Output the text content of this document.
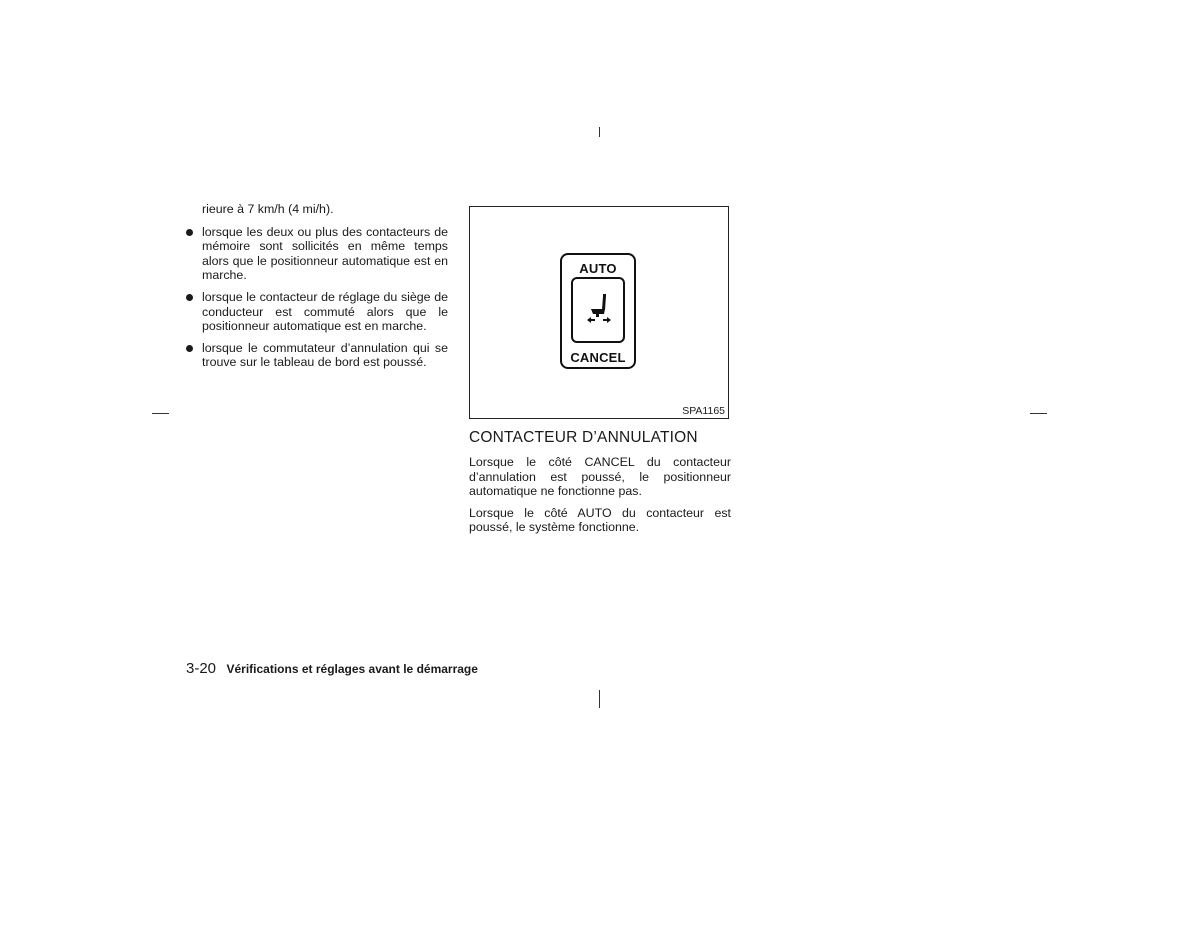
rieure à 7 km/h (4 mi/h).

lorsque les deux ou plus des contacteurs de mémoire sont sollicités en même temps alors que le positionneur automatique est en marche.
lorsque le contacteur de réglage du siège de conducteur est commuté alors que le positionneur automatique est en marche.
lorsque le commutateur d’annulation qui se trouve sur le tableau de bord est poussé.
AUTO
CANCEL
SPA1165
CONTACTEUR D’ANNULATION

Lorsque le côté CANCEL du contacteur d’annulation est poussé, le positionneur automatique ne fonctionne pas.

Lorsque le côté AUTO du contacteur est poussé, le système fonctionne.

3-20 Vérifications et réglages avant le démarrage
